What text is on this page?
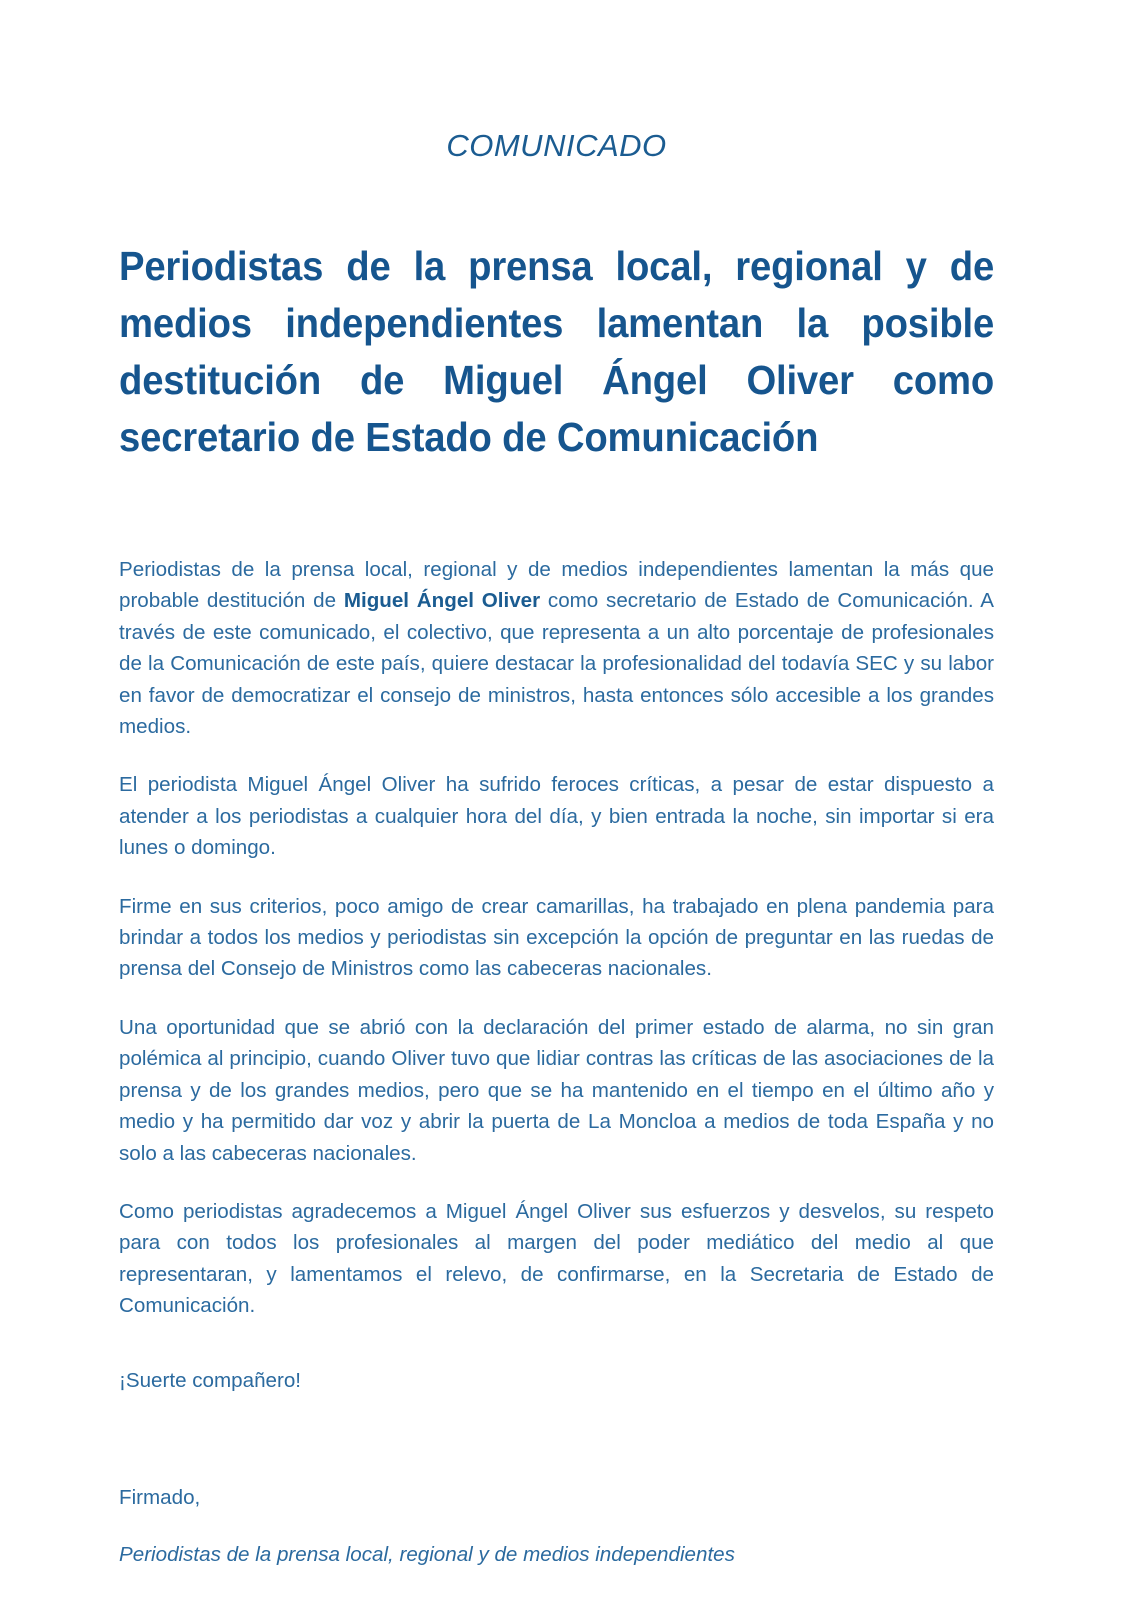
COMUNICADO

Periodistas de la prensa local, regional y de medios independientes lamentan la posible destitución de Miguel Ángel Oliver como secretario de Estado de Comunicación

Periodistas de la prensa local, regional y de medios independientes lamentan la más que probable destitución de Miguel Ángel Oliver como secretario de Estado de Comunicación. A través de este comunicado, el colectivo, que representa a un alto porcentaje de profesionales de la Comunicación de este país, quiere destacar la profesionalidad del todavía SEC y su labor en favor de democratizar el consejo de ministros, hasta entonces sólo accesible a los grandes medios.

El periodista Miguel Ángel Oliver ha sufrido feroces críticas, a pesar de estar dispuesto a atender a los periodistas a cualquier hora del día, y bien entrada la noche, sin importar si era lunes o domingo.

Firme en sus criterios, poco amigo de crear camarillas, ha trabajado en plena pandemia para brindar a todos los medios y periodistas sin excepción la opción de preguntar en las ruedas de prensa del Consejo de Ministros como las cabeceras nacionales.

Una oportunidad que se abrió con la declaración del primer estado de alarma, no sin gran polémica al principio, cuando Oliver tuvo que lidiar contras las críticas de las asociaciones de la prensa y de los grandes medios, pero que se ha mantenido en el tiempo en el último año y medio y ha permitido dar voz y abrir la puerta de La Moncloa a medios de toda España y no solo a las cabeceras nacionales.

Como periodistas agradecemos a Miguel Ángel Oliver sus esfuerzos y desvelos, su respeto para con todos los profesionales al margen del poder mediático del medio al que representaran, y lamentamos el relevo, de confirmarse, en la Secretaria de Estado de Comunicación.

¡Suerte compañero!

Firmado,

Periodistas de la prensa local, regional y de medios independientes
